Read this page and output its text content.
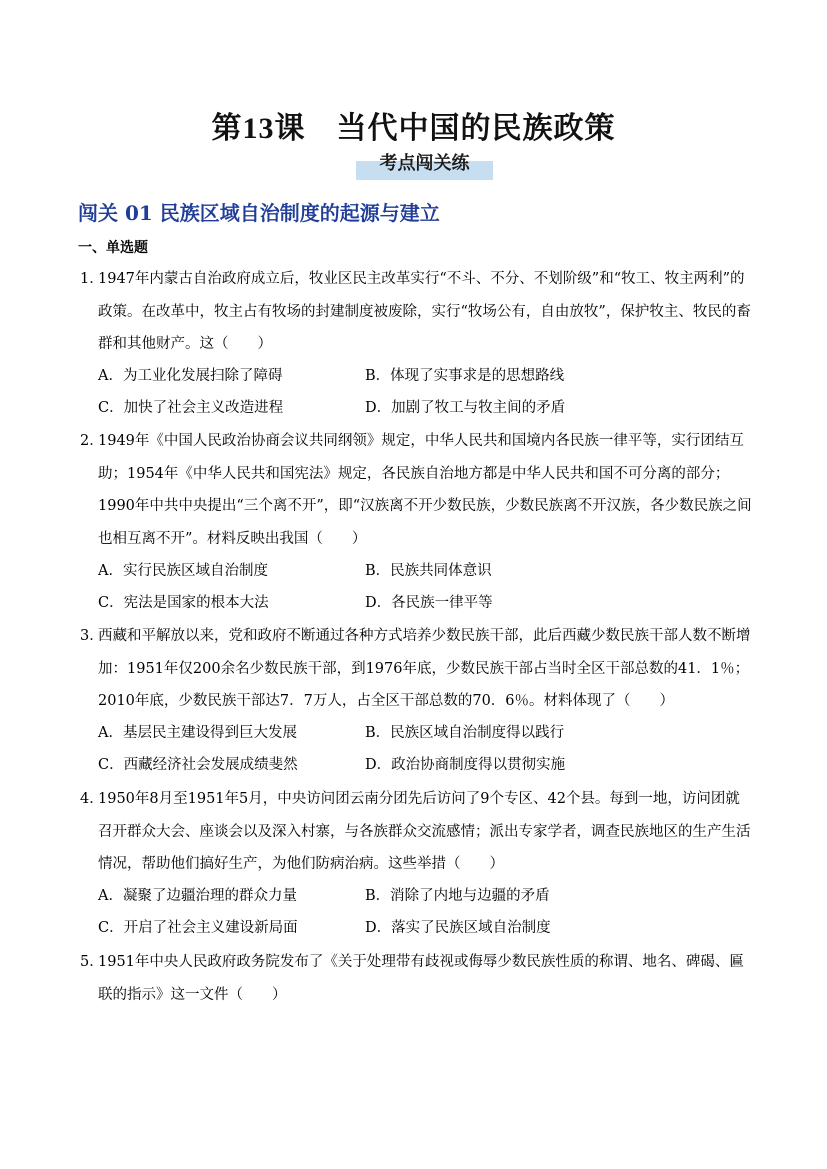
第13课　当代中国的民族政策
考点闯关练
闯关 01 民族区域自治制度的起源与建立
一、单选题
1．1947年内蒙古自治政府成立后，牧业区民主改革实行“不斗、不分、不划阶级”和“牧工、牧主两利”的政策。在改革中，牧主占有牧场的封建制度被废除，实行“牧场公有，自由放牧”，保护牧主、牧民的畜群和其他财产。这（　　）
A．为工业化发展扫除了障碍	B．体现了实事求是的思想路线
C．加快了社会主义改造进程	D．加剧了牧工与牧主间的矛盾
2．1949年《中国人民政治协商会议共同纲领》规定，中华人民共和国境内各民族一律平等，实行团结互助；1954年《中华人民共和国宪法》规定，各民族自治地方都是中华人民共和国不可分离的部分；1990年中共中央提出“三个离不开”，即“汉族离不开少数民族，少数民族离不开汉族，各少数民族之间也相互离不开”。材料反映出我国（　　）
A．实行民族区域自治制度	B．民族共同体意识
C．宪法是国家的根本大法	D．各民族一律平等
3．西藏和平解放以来，党和政府不断通过各种方式培养少数民族干部，此后西藏少数民族干部人数不断增加：1951年仅200余名少数民族干部，到1976年底，少数民族干部占当时全区干部总数的41．1％；2010年底，少数民族干部达7．7万人，占全区干部总数的70．6％。材料体现了（　　）
A．基层民主建设得到巨大发展	B．民族区域自治制度得以践行
C．西藏经济社会发展成绩斐然	D．政治协商制度得以贯彻实施
4．1950年8月至1951年5月，中央访问团云南分团先后访问了9个专区、42个县。每到一地，访问团就召开群众大会、座谈会以及深入村寨，与各族群众交流感情；派出专家学者，调查民族地区的生产生活情况，帮助他们搞好生产，为他们防病治病。这些举措（　　）
A．凝聚了边疆治理的群众力量	B．消除了内地与边疆的矛盾
C．开启了社会主义建设新局面	D．落实了民族区域自治制度
5．1951年中央人民政府政务院发布了《关于处理带有歧视或侮辱少数民族性质的称谓、地名、碑碣、匾联的指示》这一文件（　　）
